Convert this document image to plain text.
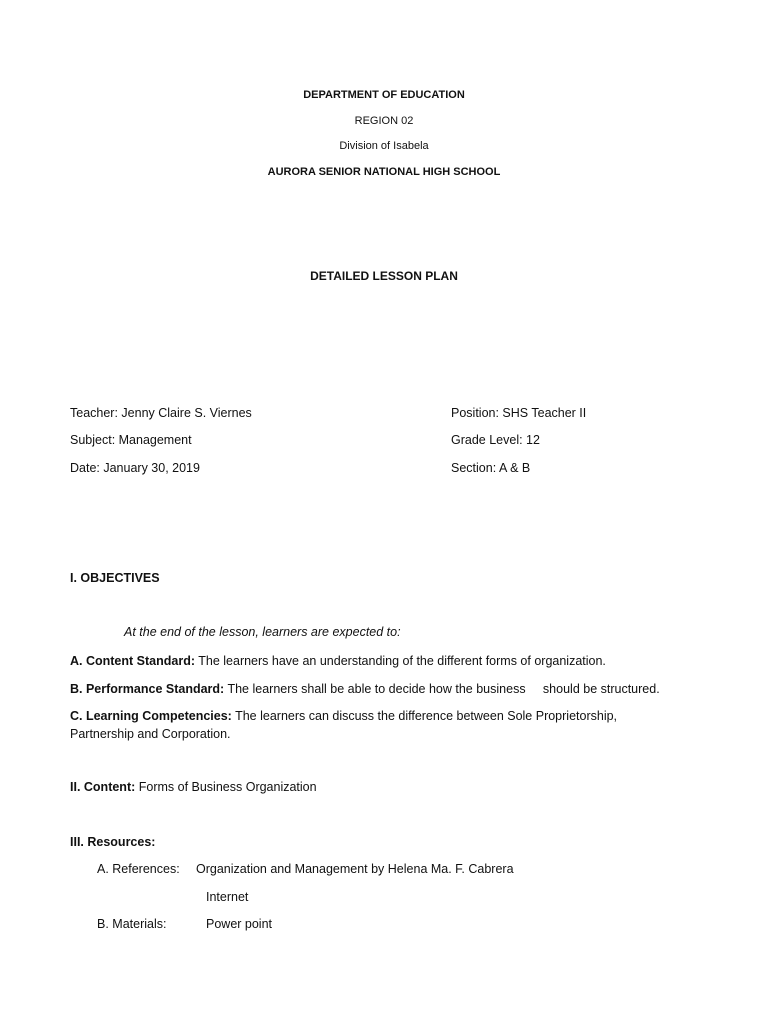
DEPARTMENT OF EDUCATION
REGION 02
Division of Isabela
AURORA SENIOR NATIONAL HIGH SCHOOL
DETAILED LESSON PLAN
Teacher: Jenny Claire S. Viernes
Subject: Management
Date: January 30, 2019
Position: SHS Teacher II
Grade Level: 12
Section: A & B
I. OBJECTIVES
At the end of the lesson, learners are expected to:
A. Content Standard: The learners have an understanding of the different forms of organization.
B. Performance Standard: The learners shall be able to decide how the business     should be structured.
C. Learning Competencies: The learners can discuss the difference between Sole Proprietorship, Partnership and Corporation.
II. Content: Forms of Business Organization
III. Resources:
A. References: Organization and Management by Helena Ma. F. Cabrera
Internet
B. Materials:	Power point
